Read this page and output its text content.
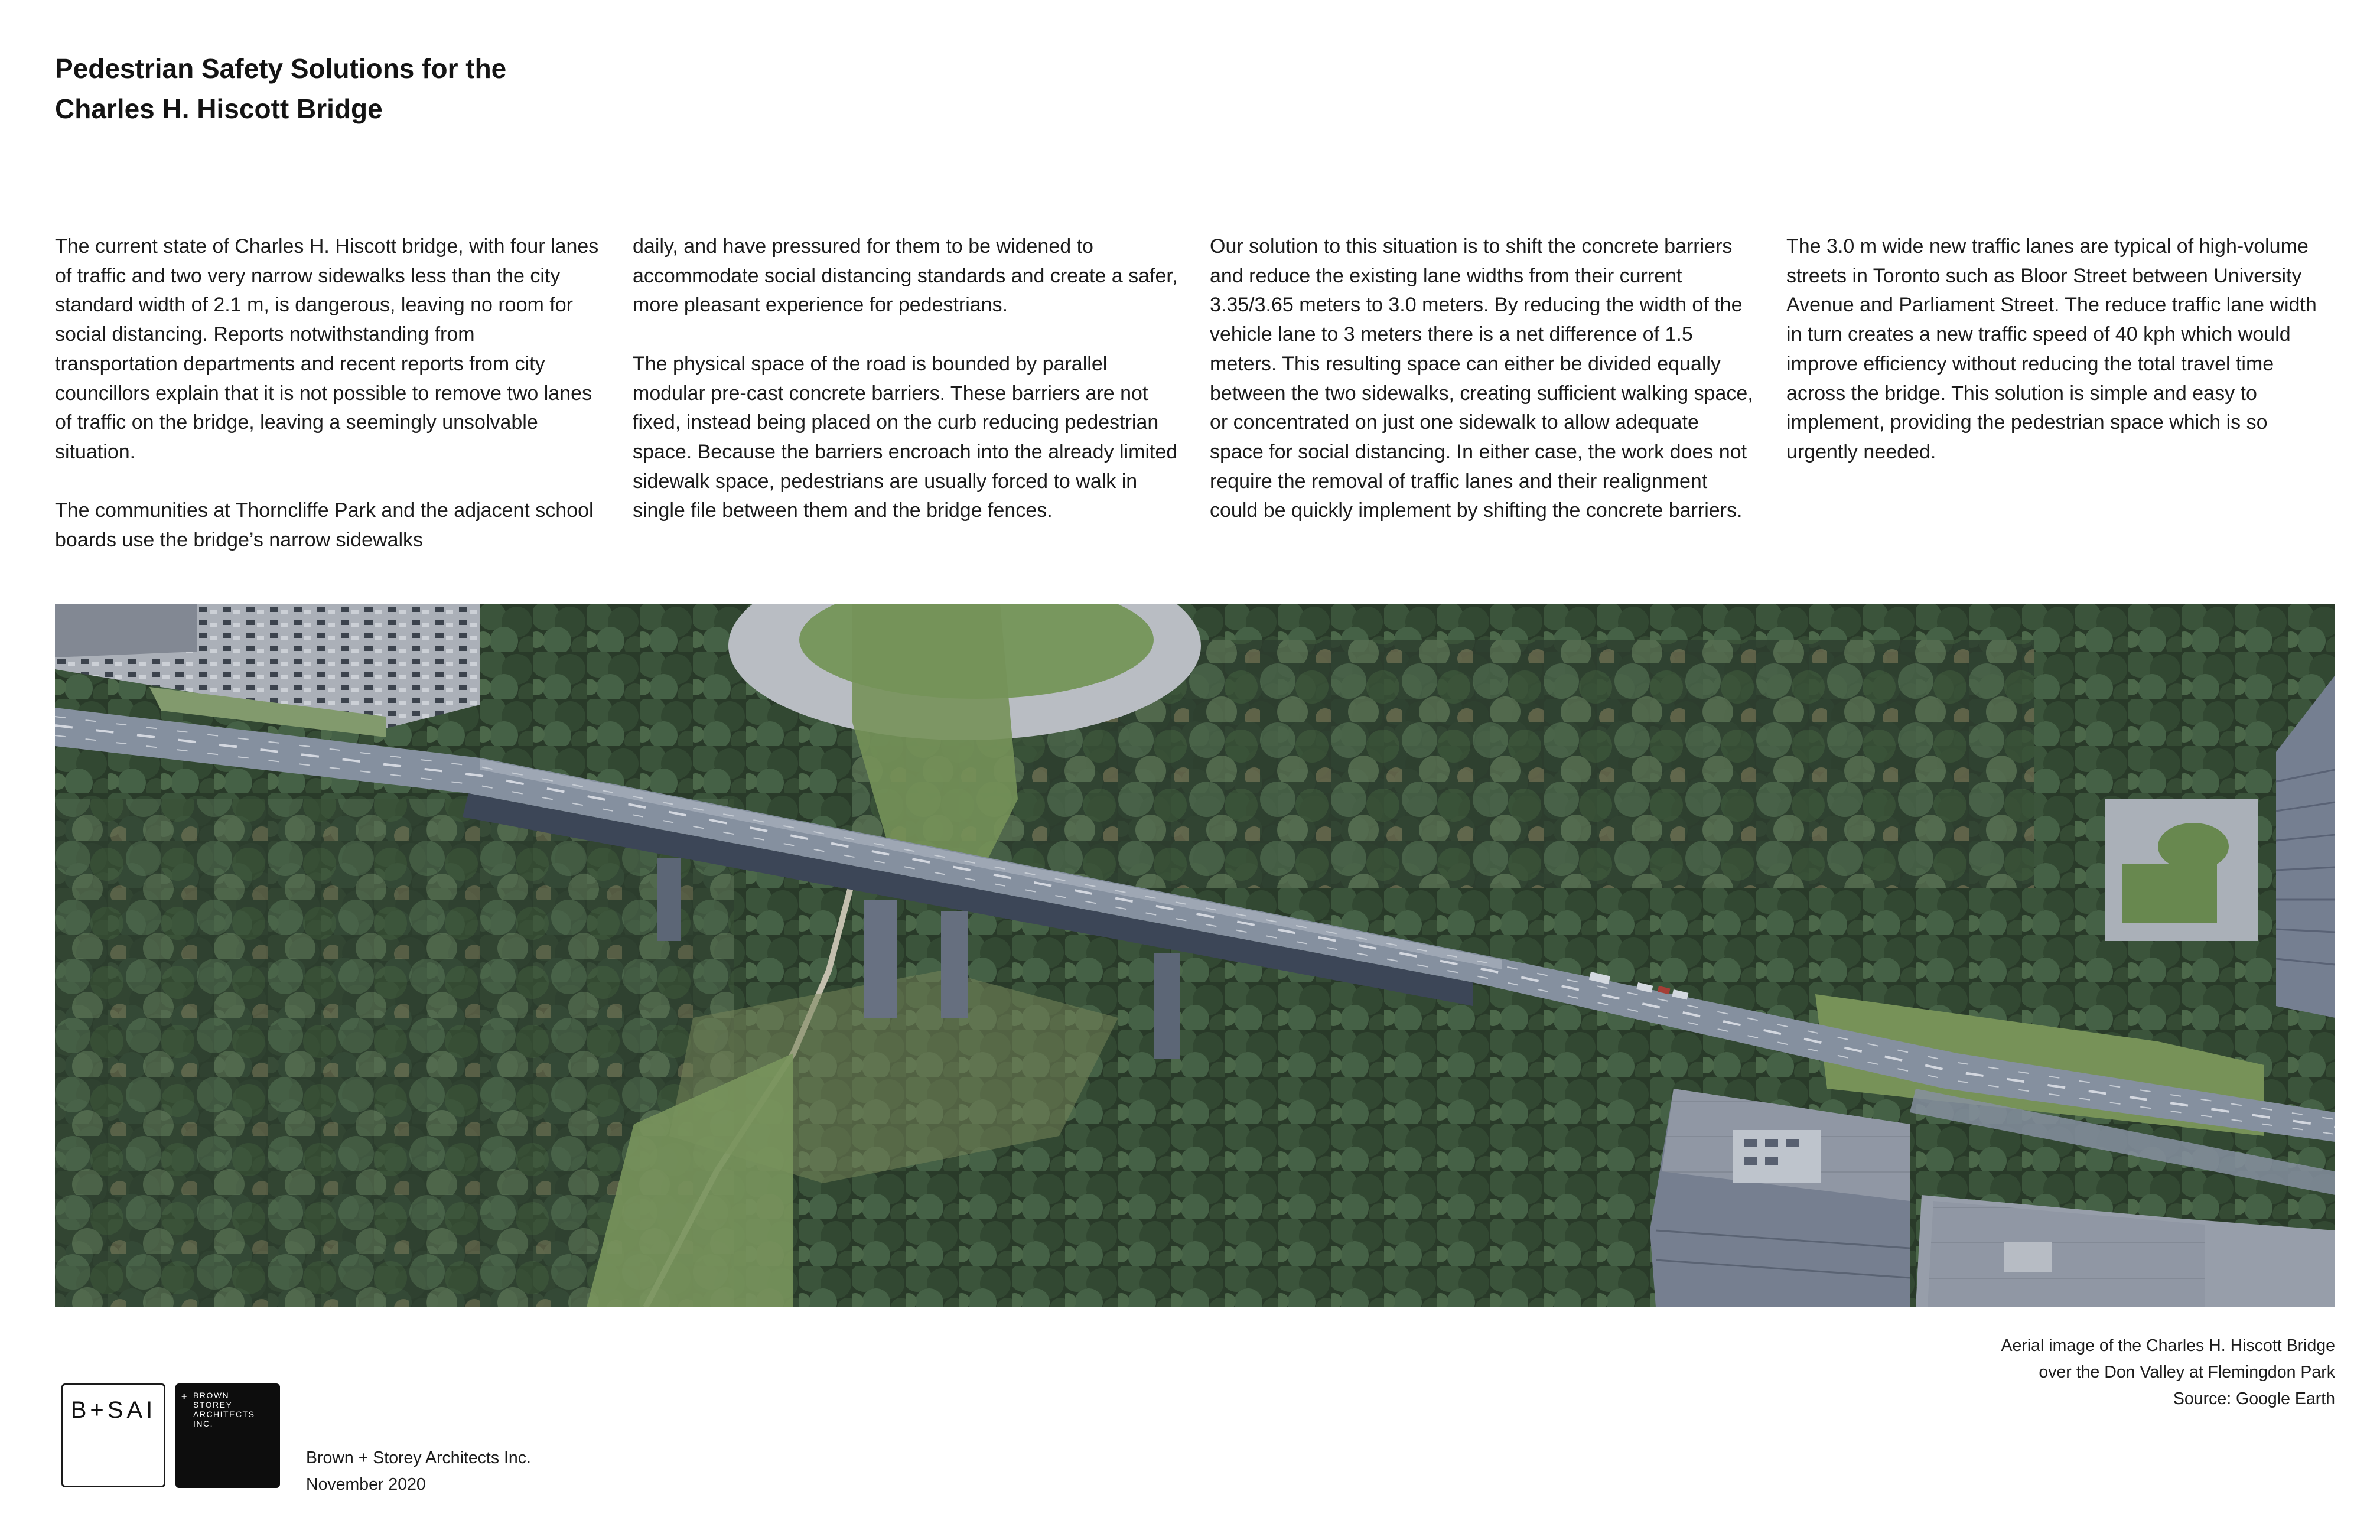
Pedestrian Safety Solutions for the
Charles H. Hiscott Bridge

The current state of Charles H. Hiscott bridge, with four lanes of traffic and two very narrow sidewalks less than the city standard width of 2.1 m, is dangerous, leaving no room for social distancing. Reports notwithstanding from transportation departments and recent reports from city councillors explain that it is not possible to remove two lanes of traffic on the bridge, leaving a seemingly unsolvable situation.

The communities at Thorncliffe Park and the adjacent school boards use the bridge’s narrow sidewalks

daily, and have pressured for them to be widened to accommodate social distancing standards and create a safer, more pleasant experience for pedestrians.

The physical space of the road is bounded by parallel modular pre-cast concrete barriers. These barriers are not fixed, instead being placed on the curb reducing pedestrian space. Because the barriers encroach into the already limited sidewalk space, pedestrians are usually forced to walk in single file between them and the bridge fences.

Our solution to this situation is to shift the concrete barriers and reduce the existing lane widths from their current 3.35/3.65 meters to 3.0 meters. By reducing the width of the vehicle lane to 3 meters there is a net difference of 1.5 meters. This resulting space can either be divided equally between the two sidewalks, creating sufficient walking space, or concentrated on just one sidewalk to allow adequate space for social distancing. In either case, the work does not require the removal of traffic lanes and their realignment could be quickly implement by shifting the concrete barriers.

The 3.0 m wide new traffic lanes are typical of high-volume streets in Toronto such as Bloor Street between University Avenue and Parliament Street. The reduce traffic lane width in turn creates a new traffic speed of 40 kph which would improve efficiency without reducing the total travel time across the bridge. This solution is simple and easy to implement, providing the pedestrian space which is so urgently needed.

Aerial image of the Charles H. Hiscott Bridge
over the Don Valley at Flemingdon Park
Source: Google Earth
B+SAI
+ BROWN
STOREY
ARCHITECTS
INC.
Brown + Storey Architects Inc.
November 2020
